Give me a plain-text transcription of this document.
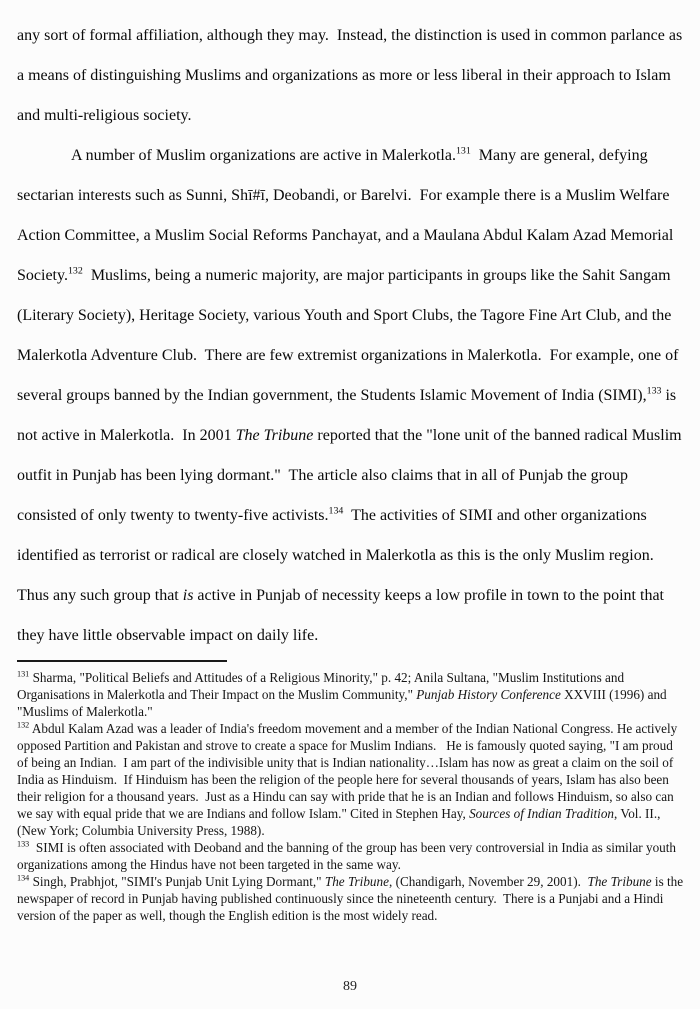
any sort of formal affiliation, although they may.  Instead, the distinction is used in common parlance as a means of distinguishing Muslims and organizations as more or less liberal in their approach to Islam and multi-religious society.

A number of Muslim organizations are active in Malerkotla.$^{131}$  Many are general, defying sectarian interests such as Sunni, Shī#ī, Deobandi, or Barelvi.  For example there is a Muslim Welfare Action Committee, a Muslim Social Reforms Panchayat, and a Maulana Abdul Kalam Azad Memorial Society.$^{132}$  Muslims, being a numeric majority, are major participants in groups like the Sahit Sangam (Literary Society), Heritage Society, various Youth and Sport Clubs, the Tagore Fine Art Club, and the Malerkotla Adventure Club.  There are few extremist organizations in Malerkotla.  For example, one of several groups banned by the Indian government, the Students Islamic Movement of India (SIMI),$^{133}$ is not active in Malerkotla.  In 2001 The Tribune reported that the "lone unit of the banned radical Muslim outfit in Punjab has been lying dormant."  The article also claims that in all of Punjab the group consisted of only twenty to twenty-five activists.$^{134}$  The activities of SIMI and other organizations identified as terrorist or radical are closely watched in Malerkotla as this is the only Muslim region.  Thus any such group that is active in Punjab of necessity keeps a low profile in town to the point that they have little observable impact on daily life.

$^{131}$ Sharma, "Political Beliefs and Attitudes of a Religious Minority," p. 42; Anila Sultana, "Muslim Institutions and Organisations in Malerkotla and Their Impact on the Muslim Community," Punjab History Conference XXVIII (1996) and "Muslims of Malerkotla."

$^{132}$ Abdul Kalam Azad was a leader of India's freedom movement and a member of the Indian National Congress. He actively opposed Partition and Pakistan and strove to create a space for Muslim Indians.   He is famously quoted saying, "I am proud of being an Indian.  I am part of the indivisible unity that is Indian nationality…Islam has now as great a claim on the soil of India as Hinduism.  If Hinduism has been the religion of the people here for several thousands of years, Islam has also been their religion for a thousand years.  Just as a Hindu can say with pride that he is an Indian and follows Hinduism, so also can we say with equal pride that we are Indians and follow Islam." Cited in Stephen Hay, Sources of Indian Tradition, Vol. II., (New York; Columbia University Press, 1988).

$^{133}$  SIMI is often associated with Deoband and the banning of the group has been very controversial in India as similar youth organizations among the Hindus have not been targeted in the same way.

$^{134}$ Singh, Prabhjot, "SIMI's Punjab Unit Lying Dormant," The Tribune, (Chandigarh, November 29, 2001).  The Tribune is the newspaper of record in Punjab having published continuously since the nineteenth century.  There is a Punjabi and a Hindi version of the paper as well, though the English edition is the most widely read.

89
